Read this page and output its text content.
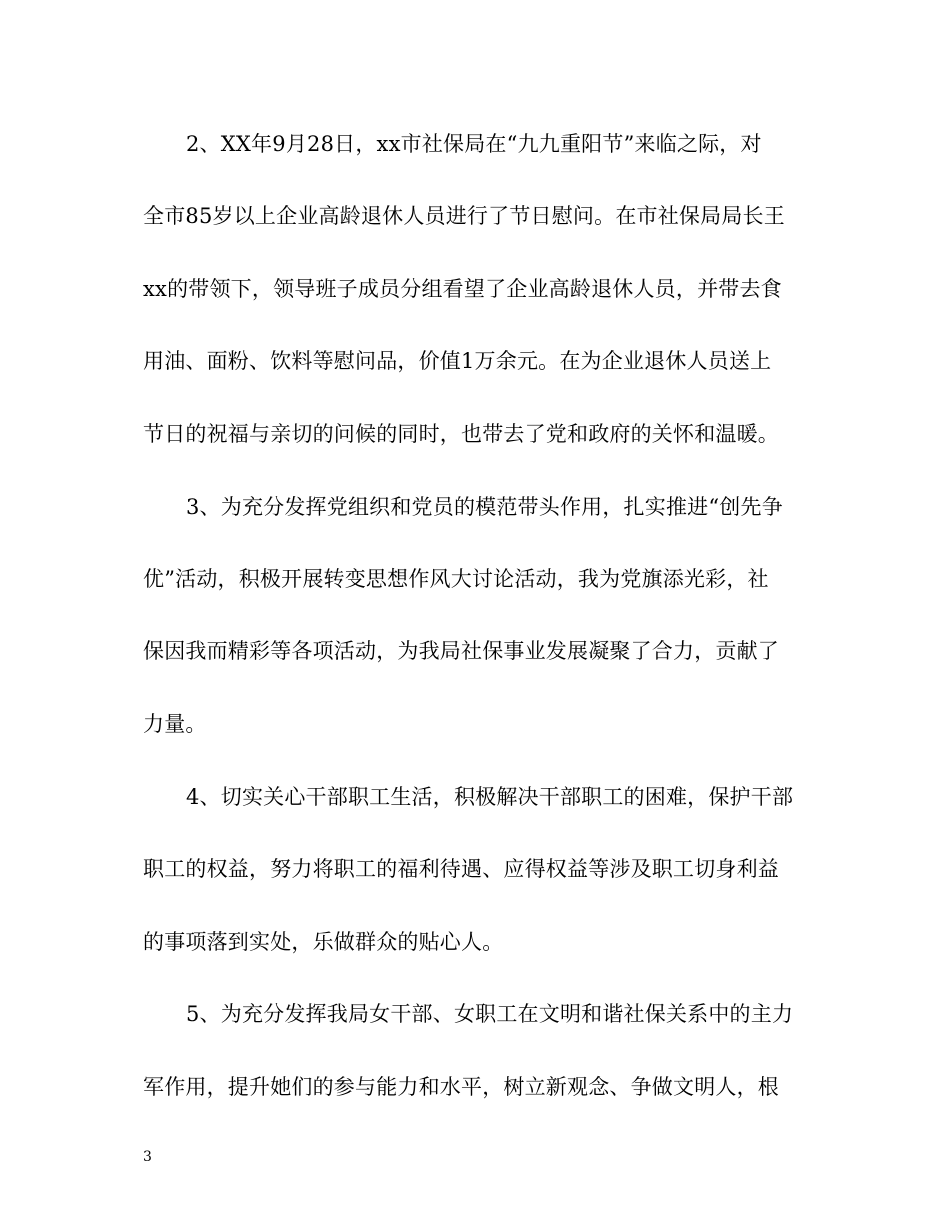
2、XX年9月28日，xx市社保局在“九九重阳节”来临之际，对
全市85岁以上企业高龄退休人员进行了节日慰问。在市社保局局长王
xx的带领下，领导班子成员分组看望了企业高龄退休人员，并带去食
用油、面粉、饮料等慰问品，价值1万余元。在为企业退休人员送上
节日的祝福与亲切的问候的同时，也带去了党和政府的关怀和温暖。
3、为充分发挥党组织和党员的模范带头作用，扎实推进“创先争
优”活动，积极开展转变思想作风大讨论活动，我为党旗添光彩，社
保因我而精彩等各项活动，为我局社保事业发展凝聚了合力，贡献了
力量。
4、切实关心干部职工生活，积极解决干部职工的困难，保护干部
职工的权益，努力将职工的福利待遇、应得权益等涉及职工切身利益
的事项落到实处，乐做群众的贴心人。
5、为充分发挥我局女干部、女职工在文明和谐社保关系中的主力
军作用，提升她们的参与能力和水平，树立新观念、争做文明人，根
3
